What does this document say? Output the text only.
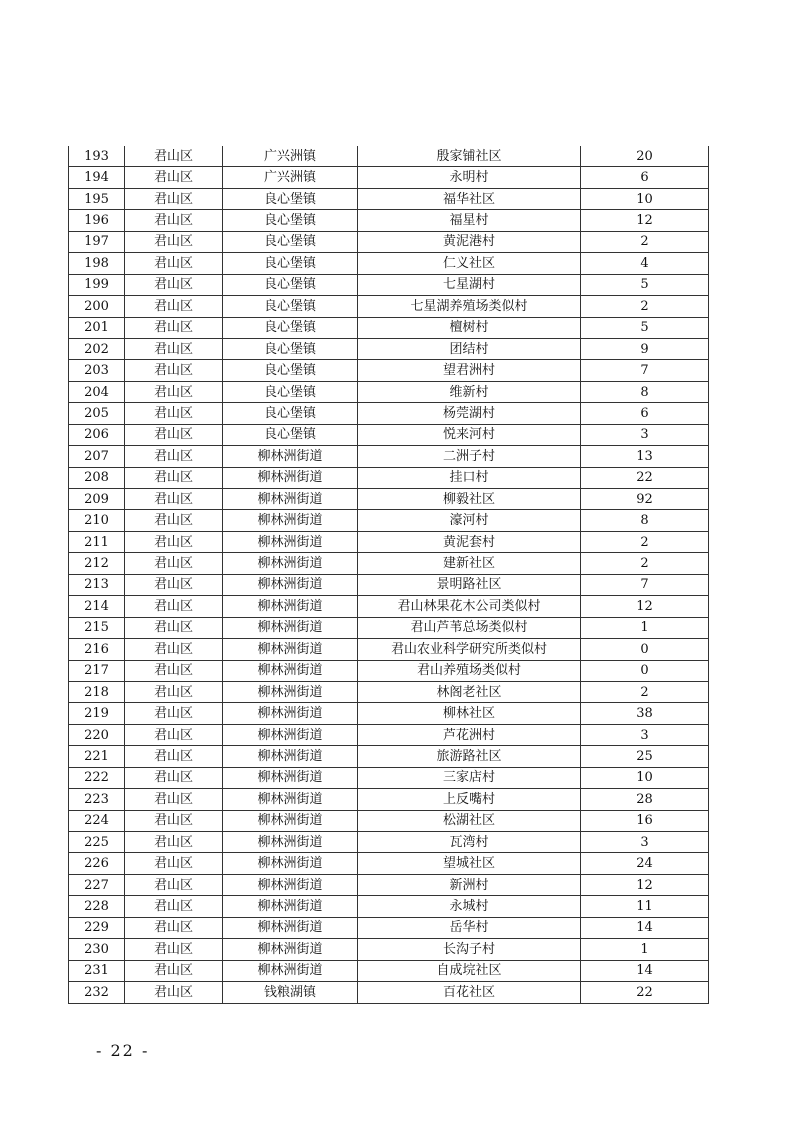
193	君山区	广兴洲镇	殷家铺社区	20
194	君山区	广兴洲镇	永明村	6
195	君山区	良心堡镇	福华社区	10
196	君山区	良心堡镇	福星村	12
197	君山区	良心堡镇	黄泥港村	2
198	君山区	良心堡镇	仁义社区	4
199	君山区	良心堡镇	七星湖村	5
200	君山区	良心堡镇	七星湖养殖场类似村	2
201	君山区	良心堡镇	檀树村	5
202	君山区	良心堡镇	团结村	9
203	君山区	良心堡镇	望君洲村	7
204	君山区	良心堡镇	维新村	8
205	君山区	良心堡镇	杨莞湖村	6
206	君山区	良心堡镇	悦来河村	3
207	君山区	柳林洲街道	二洲子村	13
208	君山区	柳林洲街道	挂口村	22
209	君山区	柳林洲街道	柳毅社区	92
210	君山区	柳林洲街道	濠河村	8
211	君山区	柳林洲街道	黄泥套村	2
212	君山区	柳林洲街道	建新社区	2
213	君山区	柳林洲街道	景明路社区	7
214	君山区	柳林洲街道	君山林果花木公司类似村	12
215	君山区	柳林洲街道	君山芦苇总场类似村	1
216	君山区	柳林洲街道	君山农业科学研究所类似村	0
217	君山区	柳林洲街道	君山养殖场类似村	0
218	君山区	柳林洲街道	林阁老社区	2
219	君山区	柳林洲街道	柳林社区	38
220	君山区	柳林洲街道	芦花洲村	3
221	君山区	柳林洲街道	旅游路社区	25
222	君山区	柳林洲街道	三家店村	10
223	君山区	柳林洲街道	上反嘴村	28
224	君山区	柳林洲街道	松湖社区	16
225	君山区	柳林洲街道	瓦湾村	3
226	君山区	柳林洲街道	望城社区	24
227	君山区	柳林洲街道	新洲村	12
228	君山区	柳林洲街道	永城村	11
229	君山区	柳林洲街道	岳华村	14
230	君山区	柳林洲街道	长沟子村	1
231	君山区	柳林洲街道	自成垸社区	14
232	君山区	钱粮湖镇	百花社区	22
- 22 -
